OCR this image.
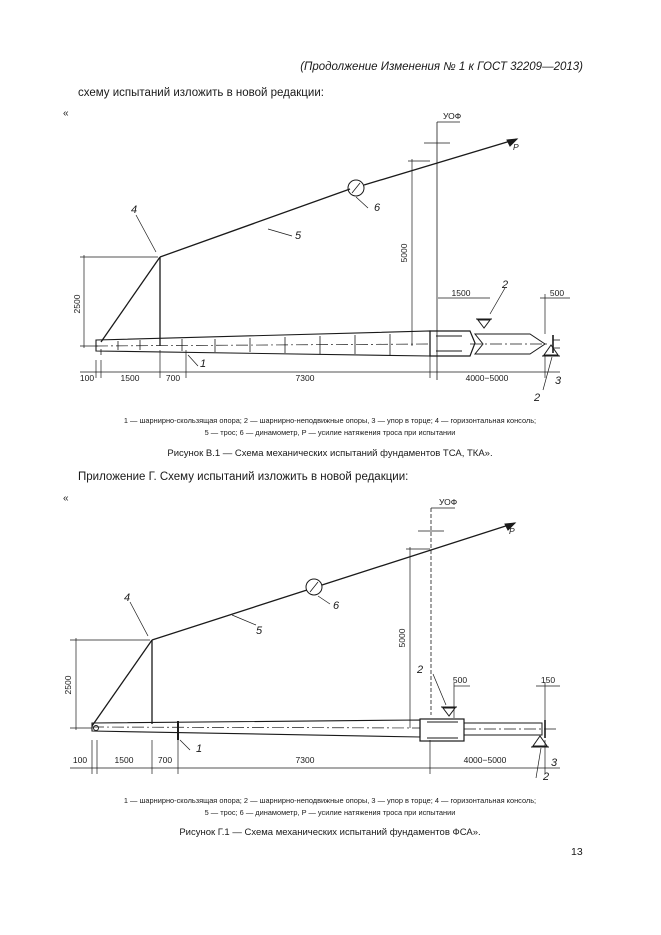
(Продолжение Изменения № 1 к ГОСТ 32209—2013)
схему испытаний изложить в новой редакции:
«	УОФ
P
4
5
6
1
2
2
3
2500
5000
1500	500
100	1500	700	7300	4000−5000
1 — шарнирно-скользящая опора; 2 — шарнирно-неподвижные опоры, 3 — упор в торце; 4 — горизонтальная консоль;
5 — трос; 6 — динамометр, P — усилие натяжения троса при испытании
Рисунок В.1 — Схема механических испытаний фундаментов ТСА, ТКА».
Приложение Г. Схему испытаний изложить в новой редакции:
«	УОФ
P
4
5
6
1
2
2
3
2500
5000
500	150
100	1500	700	7300	4000−5000
1 — шарнирно-скользящая опора; 2 — шарнирно-неподвижные опоры, 3 — упор в торце; 4 — горизонтальная консоль;
5 — трос; 6 — динамометр, P — усилие натяжения троса при испытании
Рисунок Г.1 — Схема механических испытаний фундаментов ФСА».
13
